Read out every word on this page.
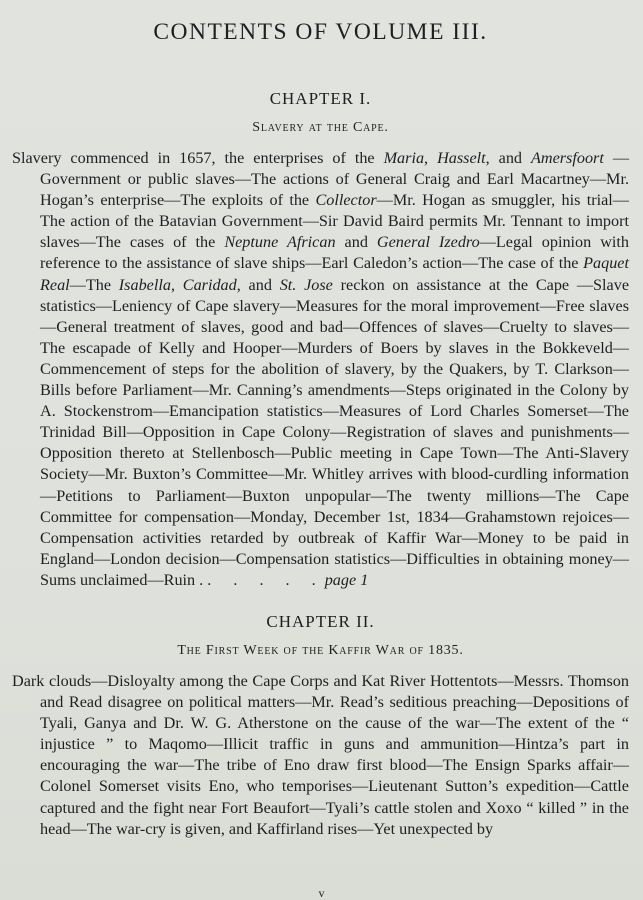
CONTENTS OF VOLUME III.
CHAPTER I.
Slavery at the Cape.

Slavery commenced in 1657, the enterprises of the Maria, Hasselt, and Amersfoort —Government or public slaves—The actions of General Craig and Earl Macartney—Mr. Hogan’s enterprise—The exploits of the Collector—Mr. Hogan as smuggler, his trial—The action of the Batavian Government—Sir David Baird permits Mr. Tennant to import slaves—The cases of the Neptune African and General Izedro—Legal opinion with reference to the assistance of slave ships—Earl Caledon’s action—The case of the Paquet Real—The Isabella, Caridad, and St. Jose reckon on assistance at the Cape —Slave statistics—Leniency of Cape slavery—Measures for the moral improvement—Free slaves—General treatment of slaves, good and bad—Offences of slaves—Cruelty to slaves—The escapade of Kelly and Hooper—Murders of Boers by slaves in the Bokkeveld—Commencement of steps for the abolition of slavery, by the Quakers, by T. Clarkson—Bills before Parliament—Mr. Canning’s amendments—Steps originated in the Colony by A. Stockenstrom—Emancipation statistics—Measures of Lord Charles Somerset—The Trinidad Bill—Opposition in Cape Colony—Registration of slaves and punishments—Opposition thereto at Stellenbosch—Public meeting in Cape Town—The Anti-Slavery Society—Mr. Buxton’s Committee—Mr. Whitley arrives with blood-curdling information—Petitions to Parliament—Buxton unpopular—The twenty millions—The Cape Committee for compensation—Monday, December 1st, 1834—Grahamstown rejoices—Compensation activities retarded by outbreak of Kaffir War—Money to be paid in England—London decision—Compensation statistics—Difficulties in obtaining money—Sums unclaimed—Ruin . . . . . .page 1

CHAPTER II.
The First Week of the Kaffir War of 1835.

Dark clouds—Disloyalty among the Cape Corps and Kat River Hottentots—Messrs. Thomson and Read disagree on political matters—Mr. Read’s seditious preaching—Depositions of Tyali, Ganya and Dr. W. G. Atherstone on the cause of the war—The extent of the “ injustice ” to Maqomo—Illicit traffic in guns and ammunition—Hintza’s part in encouraging the war—The tribe of Eno draw first blood—The Ensign Sparks affair—Colonel Somerset visits Eno, who temporises—Lieutenant Sutton’s expedition—Cattle captured and the fight near Fort Beaufort—Tyali’s cattle stolen and Xoxo “ killed ” in the head—The war-cry is given, and Kaffirland rises—Yet unexpected by

v
